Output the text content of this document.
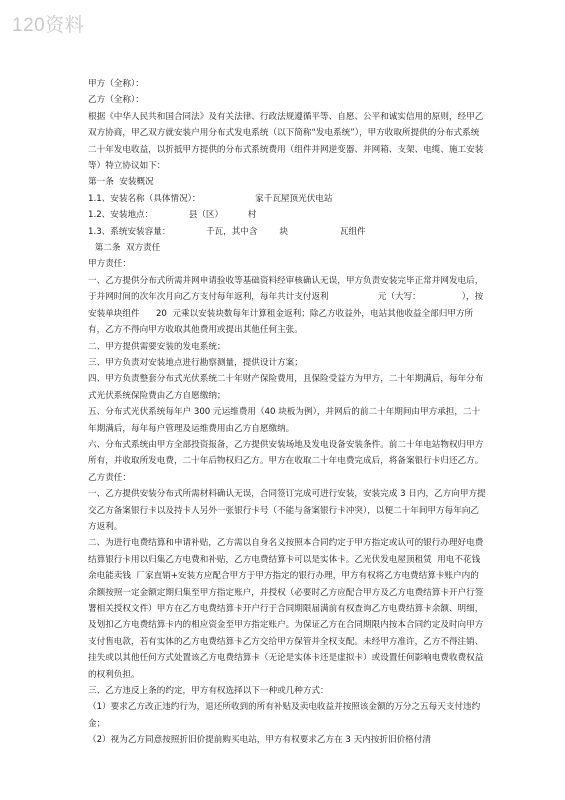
120资料

甲方（全称）：

乙方（全称）：

根据《中华人民共和国合同法》及有关法律、行政法规遵循平等、自愿、公平和诚实信用的原则，经甲乙双方协商，甲乙双方就安装户用分布式发电系统（以下简称“发电系统”），甲方收取所提供的分布式系统二十年发电收益，以折抵甲方提供的分布式系统费用（组件并网逆变器、并网箱、支架、电缆、施工安装等）特立协议如下：

第一条  安装概况

1.1、安装名称（具体情况）：                    家千瓦屋顶光伏电站

1.2、安装地点：             县（区）         村

1.3、系统安装容量：             千瓦，其中含        块                   瓦组件

第二条  双方责任

甲方责任：

一、乙方提供分布式所需并网申请验收等基础资料经审核确认无误，甲方负责安装完毕正常并网发电后，于并网时间的次年次月向乙方支付每年返利，每年共计支付返利                  元（大写：               ），按安装单块组件      20  元乘以安装块数每年计算租金返利；除乙方收益外，电站其他收益全部归甲方所有，乙方不得向甲方收取其他费用或提出其他任何主张。

二、甲方提供需要安装的发电系统；

三、甲方负责对安装地点进行勘察测量，提供设计方案；

四、甲方负责整套分布式光伏系统二十年财产保险费用，且保险受益方为甲方，二十年期满后，每年分布式光伏系统保险费由乙方自愿缴纳；

五、分布式光伏系统每年户 300 元运维费用（40 块板为例），并网后的前二十年期间由甲方承担，二十年期满后，每年每户管理及运维费用由乙方自愿缴纳。

六、分布式系统由甲方全部投资报备，乙方提供安装场地及发电设备安装条件。前二十年电站物权归甲方所有，并收取所发电费，二十年后物权归乙方。甲方在收取二十年电费完成后，将备案银行卡归还乙方。

乙方责任：

一、乙方提供安装分布式所需材料确认无误，合同签订完成可进行安装，安装完成 3 日内，乙方向甲方提交乙方备案银行卡以及持卡人另外一张银行卡号（不能与备案银行卡冲突），以便二十年间甲方每年向乙方返利。

二、为进行电费结算和申请补贴，乙方需以自身名义按照本合同约定于甲方指定或认可的银行办理好电费结算银行卡用以归集乙方电费和补贴，乙方电费结算卡可以是实体卡。乙光伏发电屋顶租赁  用电不花钱  余电能卖钱  厂家直销+安装方应配合甲方于甲方指定的银行办理，甲方有权将乙方电费结算卡账户内的余额按照一定金额定期归集至甲方指定账户，并授权（必要时乙方应配合甲方及乙方电费结算卡开户行签署相关授权文件）甲方在乙方电费结算卡开户行于合同期限届满前有权查询乙方电费结算卡余额、明细，及划扣乙方电费结算卡内的相应资金至甲方指定账户。为保证乙方在合同期限内按本合同约定及时向甲方支付售电款，若有实体的乙方电费结算卡乙方交给甲方保管并全权支配。未经甲方准许，乙方不得注销、挂失或以其他任何方式处置该乙方电费结算卡（无论是实体卡还是虚拟卡）或设置任何影响电费收费权益的权利负担。

三、乙方违反上条的约定，甲方有权选择以下一种或几种方式：

（1）要求乙方改正违约行为，退还所收到的所有补贴及卖电收益并按照该金额的万分之五每天支付违约金；

（2）视为乙方同意按照折旧价提前购买电站，甲方有权要求乙方在 3 天内按折旧价格付清
